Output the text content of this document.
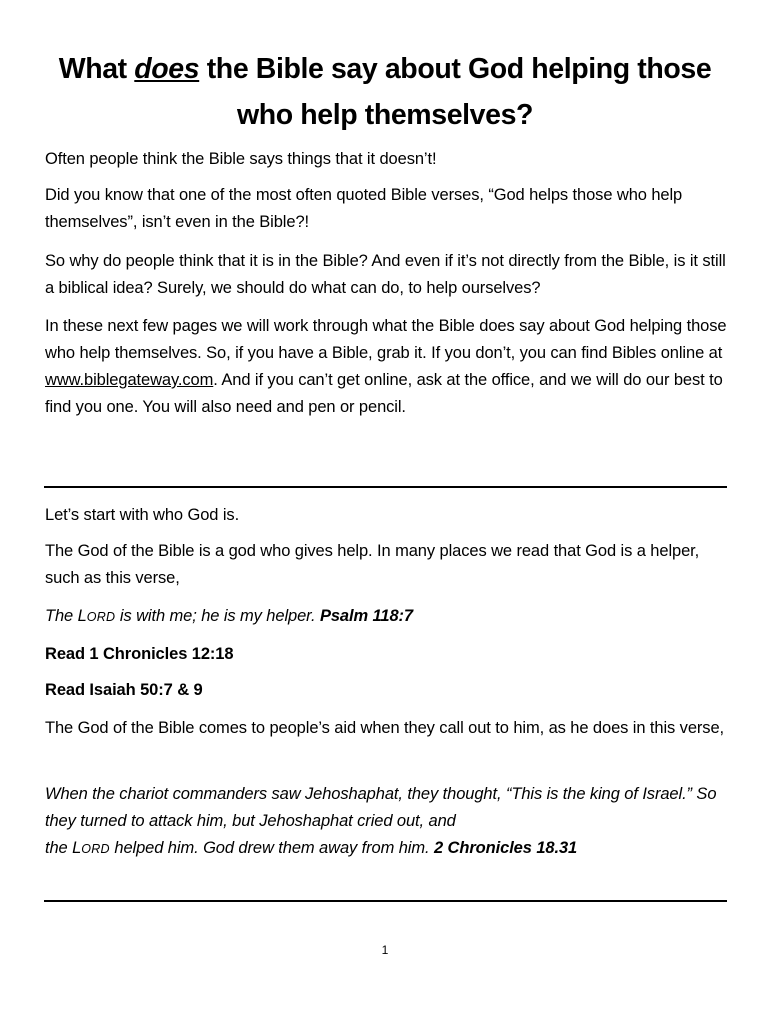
What does the Bible say about God helping those
who help themselves?

Often people think the Bible says things that it doesn’t!

Did you know that one of the most often quoted Bible verses, “God helps those who help themselves”, isn’t even in the Bible?!

So why do people think that it is in the Bible? And even if it’s not directly from the Bible, is it still a biblical idea? Surely, we should do what can do, to help ourselves?

In these next few pages we will work through what the Bible does say about God helping those who help themselves. So, if you have a Bible, grab it. If you don’t, you can find Bibles online at www.biblegateway.com. And if you can’t get online, ask at the office, and we will do our best to find you one. You will also need and pen or pencil.

Let’s start with who God is.

The God of the Bible is a god who gives help. In many places we read that God is a helper, such as this verse,

The LORD is with me; he is my helper. Psalm 118:7

Read 1 Chronicles 12:18

Read Isaiah 50:7 & 9

The God of the Bible comes to people’s aid when they call out to him, as he does in this verse,

When the chariot commanders saw Jehoshaphat, they thought, “This is the king of Israel.” So they turned to attack him, but Jehoshaphat cried out, and
the LORD helped him. God drew them away from him. 2 Chronicles 18.31

1
